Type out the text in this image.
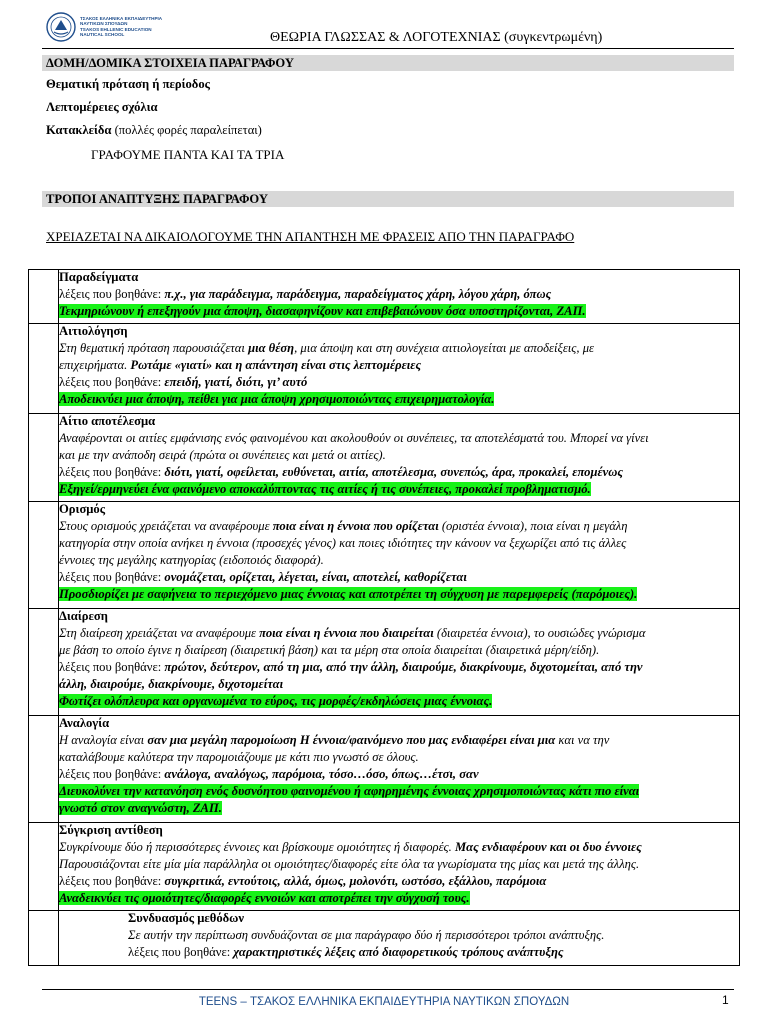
ΤΣΑΚΟΣ ΕΛΛΗΝΙΚΑ ΕΚΠΑΙΔΕΥΤΗΡΙΑ
ΝΑΥΤΙΚΩΝ ΣΠΟΥΔΩΝ
TSAKOS EHLLENIC EDUCATION
NAUTICAL SCHOOL	ΘΕΩΡΙΑ ΓΛΩΣΣΑΣ & ΛΟΓΟΤΕΧΝΙΑΣ (συγκεντρωμένη)
ΔΟΜΗ/ΔΟΜΙΚΑ ΣΤΟΙΧΕΙΑ ΠΑΡΑΓΡΑΦΟΥ
Θεματική πρόταση ή περίοδος
Λεπτομέρειες σχόλια
Κατακλείδα (πολλές φορές παραλείπεται)
ΓΡΑΦΟΥΜΕ ΠΑΝΤΑ ΚΑΙ ΤΑ ΤΡΙΑ
ΤΡΟΠΟΙ ΑΝΑΠΤΥΞΗΣ ΠΑΡΑΓΡΑΦΟΥ
ΧΡΕΙΑΖΕΤΑΙ ΝΑ ΔΙΚΑΙΟΛΟΓΟΥΜΕ ΤΗΝ ΑΠΑΝΤΗΣΗ ΜΕ ΦΡΑΣΕΙΣ ΑΠΟ ΤΗΝ ΠΑΡΑΓΡΑΦΟ
Παραδείγματα
λέξεις που βοηθάνε: π.χ., για παράδειγμα, παράδειγμα, παραδείγματος χάρη, λόγου χάρη, όπως
Τεκμηριώνουν ή επεξηγούν μια άποψη, διασαφηνίζουν και επιβεβαιώνουν όσα υποστηρίζονται, ΖΑΠ.
Αιτιολόγηση
Στη θεματική πρόταση παρουσιάζεται μια θέση, μια άποψη και στη συνέχεια αιτιολογείται με αποδείξεις, με
επιχειρήματα. Ρωτάμε «γιατί» και η απάντηση είναι στις λεπτομέρειες
λέξεις που βοηθάνε: επειδή, γιατί, διότι, γι’ αυτό
Αποδεικνύει μια άποψη, πείθει για μια άποψη χρησιμοποιώντας επιχειρηματολογία.
Αίτιο αποτέλεσμα
Αναφέρονται οι αιτίες εμφάνισης ενός φαινομένου και ακολουθούν οι συνέπειες, τα αποτελέσματά του. Μπορεί να γίνει
και με την ανάποδη σειρά (πρώτα οι συνέπειες και μετά οι αιτίες).
λέξεις που βοηθάνε: διότι, γιατί, οφείλεται, ευθύνεται, αιτία, αποτέλεσμα, συνεπώς, άρα, προκαλεί, επομένως
Εξηγεί/ερμηνεύει ένα φαινόμενο αποκαλύπτοντας τις αιτίες ή τις συνέπειες, προκαλεί προβληματισμό.
Ορισμός
Στους ορισμούς χρειάζεται να αναφέρουμε ποια είναι η έννοια που ορίζεται (οριστέα έννοια), ποια είναι η μεγάλη
κατηγορία στην οποία ανήκει η έννοια (προσεχές γένος) και ποιες ιδιότητες την κάνουν να ξεχωρίζει από τις άλλες
έννοιες της μεγάλης κατηγορίας (ειδοποιός διαφορά).
λέξεις που βοηθάνε: ονομάζεται, ορίζεται, λέγεται, είναι, αποτελεί, καθορίζεται
Προσδιορίζει με σαφήνεια το περιεχόμενο μιας έννοιας και αποτρέπει τη σύγχυση με παρεμφερείς (παρόμοιες).
Διαίρεση
Στη διαίρεση χρειάζεται να αναφέρουμε ποια είναι η έννοια που διαιρείται (διαιρετέα έννοια), το ουσιώδες γνώρισμα
με βάση το οποίο έγινε η διαίρεση (διαιρετική βάση) και τα μέρη στα οποία διαιρείται (διαιρετικά μέρη/είδη).
λέξεις που βοηθάνε: πρώτον, δεύτερον, από τη μια, από την άλλη, διαιρούμε, διακρίνουμε, διχοτομείται, από την
άλλη, διαιρούμε, διακρίνουμε, διχοτομείται
Φωτίζει ολόπλευρα και οργανωμένα το εύρος, τις μορφές/εκδηλώσεις μιας έννοιας.
Αναλογία
Η αναλογία είναι σαν μια μεγάλη παρομοίωση Η έννοια/φαινόμενο που μας ενδιαφέρει είναι μια και να την
καταλάβουμε καλύτερα την παρομοιάζουμε με κάτι πιο γνωστό σε όλους.
λέξεις που βοηθάνε: ανάλογα, αναλόγως, παρόμοια, τόσο…όσο, όπως…έτσι, σαν
Διευκολύνει την κατανόηση ενός δυσνόητου φαινομένου ή αφηρημένης έννοιας χρησιμοποιώντας κάτι πιο είναι
γνωστό στον αναγνώστη, ΖΑΠ.
Σύγκριση αντίθεση
Συγκρίνουμε δύο ή περισσότερες έννοιες και βρίσκουμε ομοιότητες ή διαφορές. Μας ενδιαφέρουν και οι δυο έννοιες
Παρουσιάζονται είτε μία μία παράλληλα οι ομοιότητες/διαφορές είτε όλα τα γνωρίσματα της μίας και μετά της άλλης.
λέξεις που βοηθάνε: συγκριτικά, εντούτοις, αλλά, όμως, μολονότι, ωστόσο, εξάλλου, παρόμοια
Αναδεικνύει τις ομοιότητες/διαφορές εννοιών και αποτρέπει την σύγχυσή τους.
Συνδυασμός μεθόδων
Σε αυτήν την περίπτωση συνδυάζονται σε μια παράγραφο δύο ή περισσότεροι τρόποι ανάπτυξης.
λέξεις που βοηθάνε: χαρακτηριστικές λέξεις από διαφορετικούς τρόπους ανάπτυξης
TEENS – ΤΣΑΚΟΣ ΕΛΛΗΝΙΚΑ ΕΚΠΑΙΔΕΥΤΗΡΙΑ ΝΑΥΤΙΚΩΝ ΣΠΟΥΔΩΝ	1
